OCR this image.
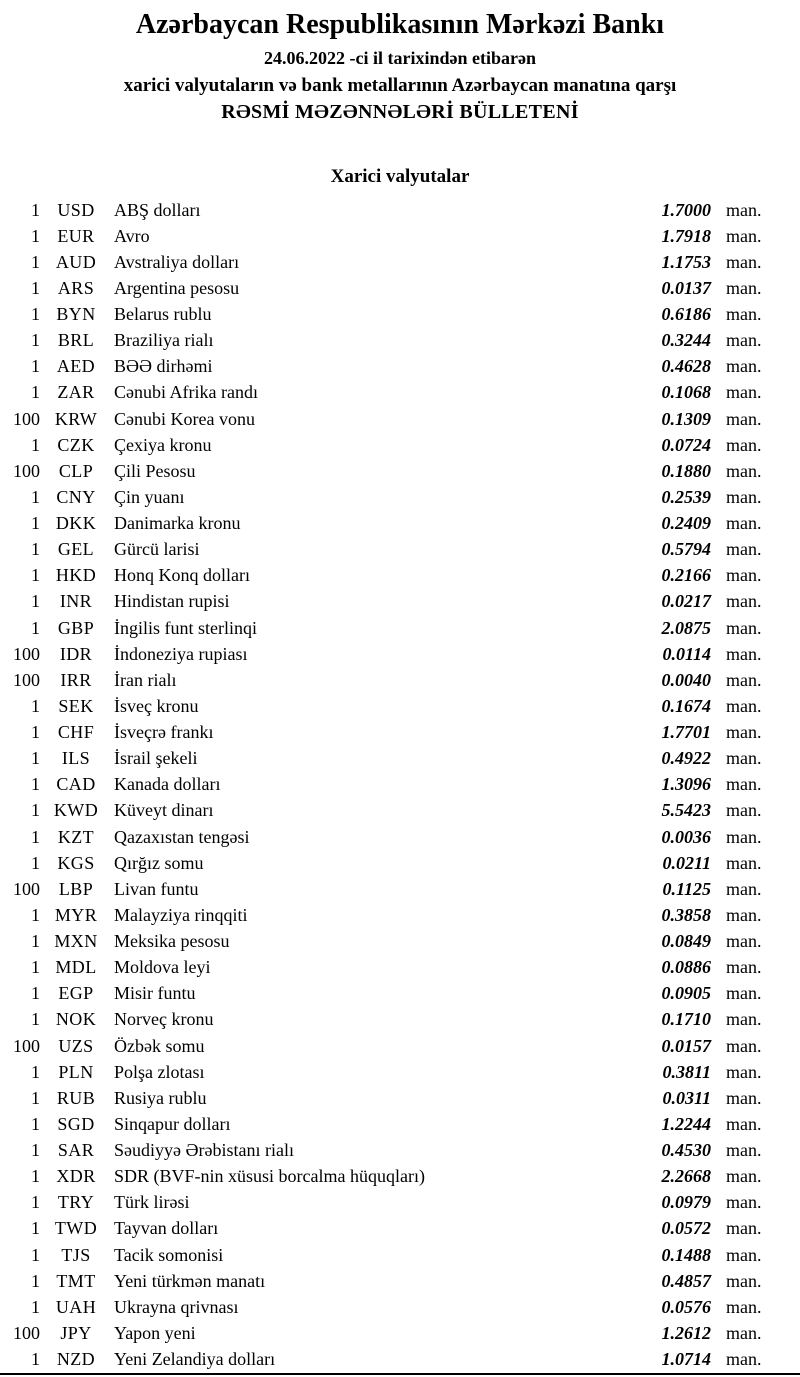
Azərbaycan Respublikasının Mərkəzi Bankı
24.06.2022 -ci il tarixindən etibarən
xarici valyutaların və bank metallarının Azərbaycan manatına qarşı
RƏSMİ MƏZƏNNƏLƏRİ BÜLLETENİ
Xarici valyutalar
1 USD	ABŞ dolları	1.7000 man.
1 EUR	Avro	1.7918 man.
1 AUD Avstraliya dolları	1.1753 man.
1 ARS	Argentina pesosu	0.0137 man.
1 BYN	Belarus rublu	0.6186 man.
1 BRL	Braziliya rialı	0.3244 man.
1 AED	BƏƏ dirhəmi	0.4628 man.
1 ZAR	Cənubi Afrika randı	0.1068 man.
100 KRW Cənubi Korea vonu	0.1309 man.
1 CZK	Çexiya kronu	0.0724 man.
100	CLP	Çili Pesosu	0.1880 man.
1 CNY	Çin yuanı	0.2539 man.
1 DKK Danimarka kronu	0.2409 man.
1 GEL	Gürcü larisi	0.5794 man.
1 HKD Honq Konq dolları	0.2166 man.
1	INR	Hindistan rupisi	0.0217 man.
1 GBP	İngilis funt sterlinqi	2.0875 man.
100	IDR	İndoneziya rupiası	0.0114 man.
100	IRR	İran rialı	0.0040 man.
1	SEK	İsveç kronu	0.1674 man.
1 CHF	İsveçrə frankı	1.7701 man.
1	ILS	İsrail şekeli	0.4922 man.
1 CAD	Kanada dolları	1.3096 man.
1 KWD Küveyt dinarı	5.5423 man.
1 KZT	Qazaxıstan tengəsi	0.0036 man.
1 KGS	Qırğız somu	0.0211 man.
100	LBP	Livan funtu	0.1125 man.
1 MYR Malayziya rinqqiti	0.3858 man.
1 MXN Meksika pesosu	0.0849 man.
1 MDL Moldova leyi	0.0886 man.
1	EGP	Misir funtu	0.0905 man.
1 NOK Norveç kronu	0.1710 man.
100	UZS	Özbək somu	0.0157 man.
1	PLN	Polşa zlotası	0.3811 man.
1 RUB	Rusiya rublu	0.0311 man.
1 SGD	Sinqapur dolları	1.2244 man.
1 SAR	Səudiyyə Ərəbistanı rialı	0.4530 man.
1 XDR	SDR (BVF-nin xüsusi borcalma hüquqları)	2.2668 man.
1 TRY	Türk lirəsi	0.0979 man.
1 TWD Tayvan dolları	0.0572 man.
1	TJS	Tacik somonisi	0.1488 man.
1 TMT	Yeni türkmən manatı	0.4857 man.
1 UAH Ukrayna qrivnası	0.0576 man.
100	JPY	Yapon yeni	1.2612 man.
1 NZD	Yeni Zelandiya dolları	1.0714 man.
